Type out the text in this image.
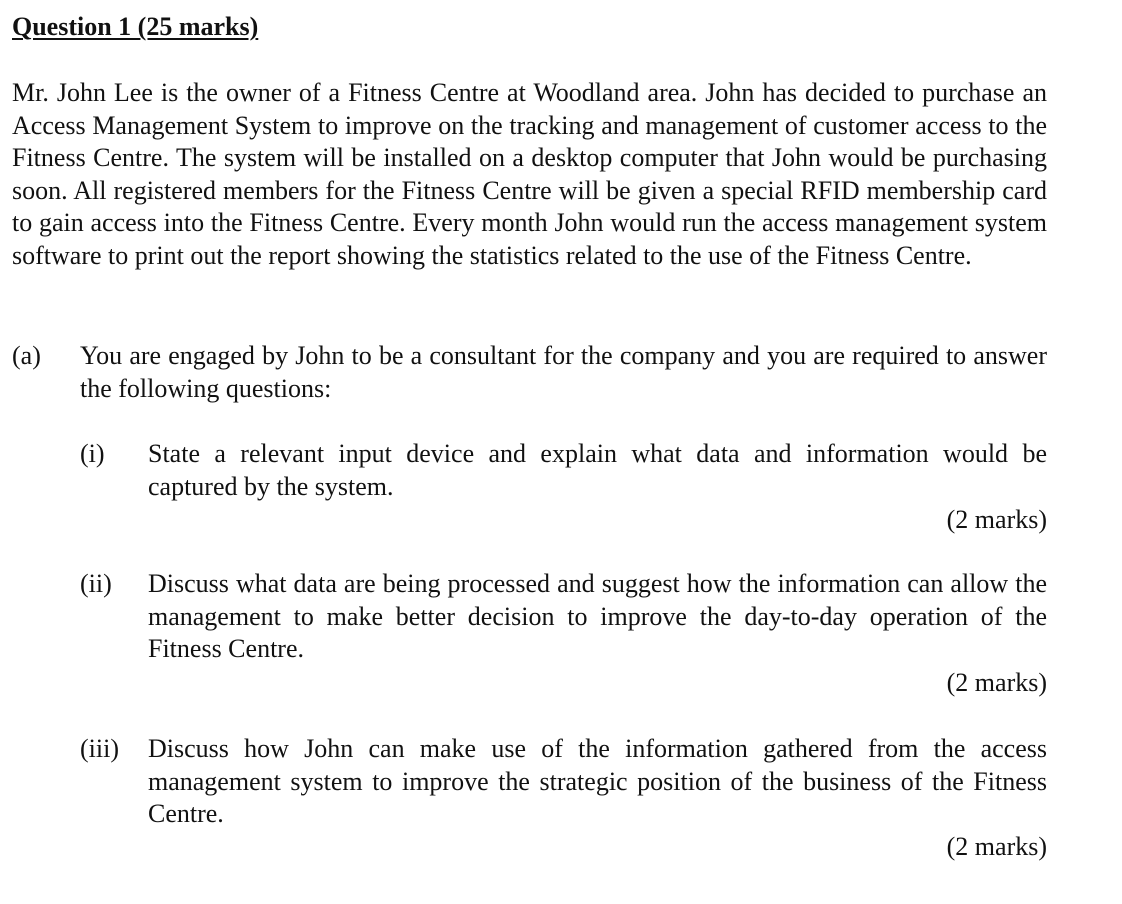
Question 1 (25 marks)

Mr. John Lee is the owner of a Fitness Centre at Woodland area. John has decided to purchase an Access Management System to improve on the tracking and management of customer access to the Fitness Centre. The system will be installed on a desktop computer that John would be purchasing soon. All registered members for the Fitness Centre will be given a special RFID membership card to gain access into the Fitness Centre. Every month John would run the access management system software to print out the report showing the statistics related to the use of the Fitness Centre.

(a) You are engaged by John to be a consultant for the company and you are required to answer the following questions:

(i) State a relevant input device and explain what data and information would be captured by the system.

(2 marks)
(ii) Discuss what data are being processed and suggest how the information can allow the management to make better decision to improve the day-to-day operation of the Fitness Centre.

(2 marks)
(iii) Discuss how John can make use of the information gathered from the access management system to improve the strategic position of the business of the Fitness Centre.

(2 marks)
